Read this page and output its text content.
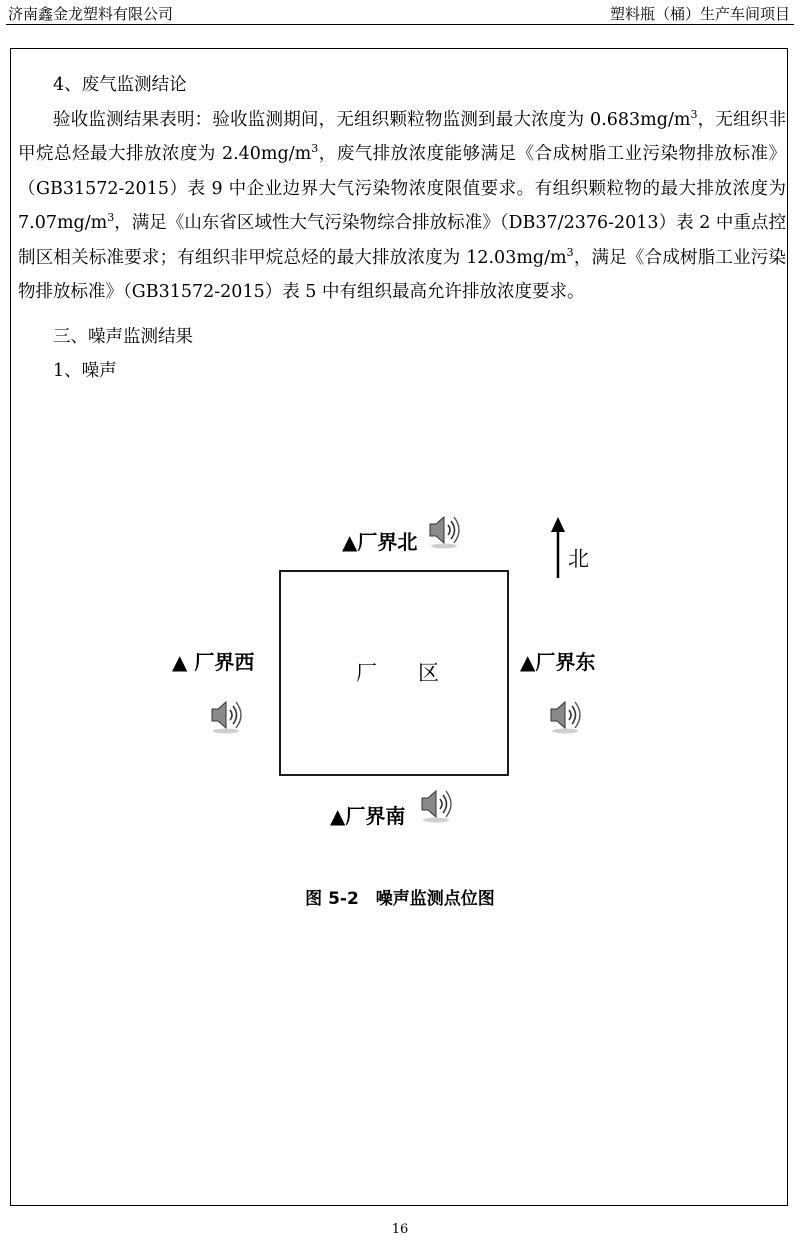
济南鑫金龙塑料有限公司	塑料瓶（桶）生产车间项目

4、废气监测结论

验收监测结果表明：验收监测期间，无组织颗粒物监测到最大浓度为 $0.683mg/m^3$，无组织非甲烷总烃最大排放浓度为 $2.40mg/m^3$，废气排放浓度能够满足《合成树脂工业污染物排放标准》（GB31572-2015）表 9 中企业边界大气污染物浓度限值要求。有组织颗粒物的最大排放浓度为 $7.07mg/m^3$，满足《山东省区域性大气污染物综合排放标准》（DB37/2376-2013）表 2 中重点控制区相关标准要求；有组织非甲烷总烃的最大排放浓度为 $12.03mg/m^3$，满足《合成树脂工业污染物排放标准》（GB31572-2015）表 5 中有组织最高允许排放浓度要求。

三、噪声监测结果

1、噪声

厂 区
北
▲厂界北
▲ 厂界西	▲厂界东
▲厂界南
图 5-2　噪声监测点位图
16
